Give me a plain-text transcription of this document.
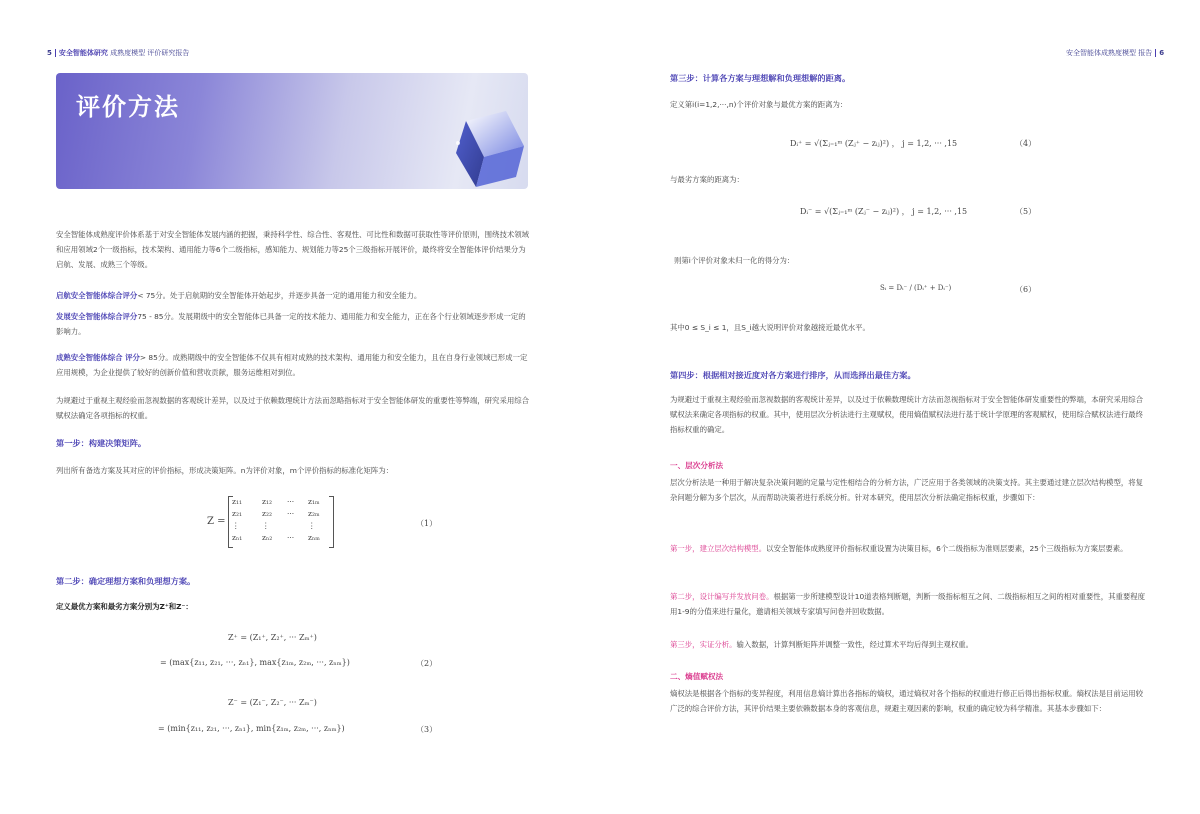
5 安全智能体研究 成熟度模型 评价研究报告
评价方法
安全智能体成熟度评价体系基于对安全智能体发展内涵的把握，秉持科学性、综合性、客观性、可比性和数据可获取性等评价原则，围绕技术领域和应用领域2个一级指标，技术架构、通用能力等6个二级指标，感知能力、规划能力等25个三级指标开展评价，最终将安全智能体评价结果分为启航、发展、成熟三个等级。
启航安全智能体综合评分< 75分。处于启航期的安全智能体开始起步，并逐步具备一定的通用能力和安全能力。
发展安全智能体综合评分75 - 85分。发展期级中的安全智能体已具备一定的技术能力、通用能力和安全能力，正在各个行业领域逐步形成一定的影响力。
成熟安全智能体综合 评分> 85分。成熟期级中的安全智能体不仅具有相对成熟的技术架构、通用能力和安全能力，且在自身行业领域已形成一定应用规模，为企业提供了较好的创新价值和营收贡献，服务运维相对到位。
为规避过于重视主观经验而忽视数据的客观统计差异，以及过于依赖数理统计方法而忽略指标对于安全智能体研发的重要性等弊端，研究采用综合赋权法确定各项指标的权重。
第一步：构建决策矩阵。
列出所有备选方案及其对应的评价指标，形成决策矩阵。n为评价对象，m个评价指标的标准化矩阵为：
Z =
z₁₁	z₁₂ ··· z₁ₘ
z₂₁	z₂₂ ··· z₂ₘ
⋮	⋮	⋮
zₙ₁	zₙ₂ ··· zₙₘ
（1）
第二步：确定理想方案和负理想方案。
定义最优方案和最劣方案分别为Z⁺和Z⁻：
Z⁺ = (Z₁⁺, Z₂⁺, ··· Zₘ⁺)
= (max{z₁₁, z₂₁, ···, zₙ₁}, max{z₁ₘ, z₂ₘ, ···, zₙₘ})	（2）
Z⁻ = (Z₁⁻, Z₂⁻, ··· Zₘ⁻)
= (min{z₁₁, z₂₁, ···, zₙ₁}, min{z₁ₘ, z₂ₘ, ···, zₙₘ})	（3）
安全智能体成熟度模型 报告 6
第三步：计算各方案与理想解和负理想解的距离。
定义第i(i=1,2,···,n)个评价对象与最优方案的距离为：
Dᵢ⁺ = √(Σⱼ₌₁ᵐ (Zⱼ⁺ − zᵢⱼ)²) ， j = 1,2, ··· ,15	（4）
与最劣方案的距离为：
Dᵢ⁻ = √(Σⱼ₌₁ᵐ (Zⱼ⁻ − zᵢⱼ)²) ， j = 1,2, ··· ,15	（5）
则第i个评价对象未归一化的得分为：
Sᵢ = Dᵢ⁻ / (Dᵢ⁺ + Dᵢ⁻)	（6）
其中0 ≤ S_i ≤ 1，且S_i越大说明评价对象越接近最优水平。
第四步：根据相对接近度对各方案进行排序，从而选择出最佳方案。
为规避过于重视主观经验而忽视数据的客观统计差异，以及过于依赖数理统计方法而忽视指标对于安全智能体研发重要性的弊端，本研究采用综合赋权法来确定各项指标的权重。其中，使用层次分析法进行主观赋权，使用熵值赋权法进行基于统计学原理的客观赋权，使用综合赋权法进行最终指标权重的确定。
一、层次分析法
层次分析法是一种用于解决复杂决策问题的定量与定性相结合的分析方法，广泛应用于各类领域的决策支持。其主要通过建立层次结构模型，将复杂问题分解为多个层次，从而帮助决策者进行系统分析。针对本研究，使用层次分析法确定指标权重，步骤如下：
第一步，建立层次结构模型。以安全智能体成熟度评价指标权重设置为决策目标，6个二级指标为准则层要素，25个三级指标为方案层要素。
第二步，设计编写并发放问卷。根据第一步所建模型设计10道表格判断题，判断一级指标相互之间、二级指标相互之间的相对重要性，其重要程度用1-9的分值来进行量化，邀请相关领域专家填写问卷并回收数据。
第三步，实证分析。输入数据，计算判断矩阵并调整一致性，经过算术平均后得到主观权重。
二、熵值赋权法
熵权法是根据各个指标的变异程度，利用信息熵计算出各指标的熵权，通过熵权对各个指标的权重进行修正后得出指标权重。熵权法是目前运用较广泛的综合评价方法，其评价结果主要依赖数据本身的客观信息，规避主观因素的影响，权重的确定较为科学精准。其基本步骤如下：
